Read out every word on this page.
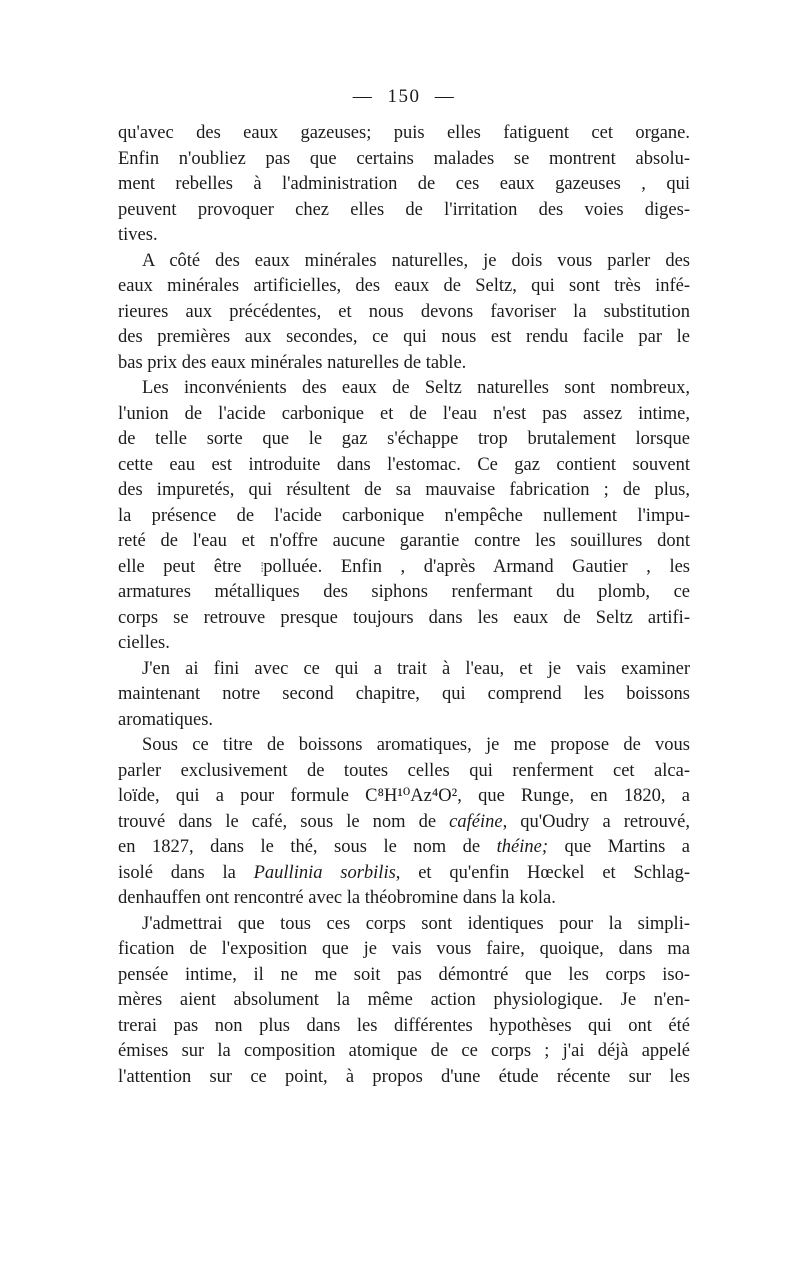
— 150 —
qu'avec des eaux gazeuses; puis elles fatiguent cet organe.
Enfin n'oubliez pas que certains malades se montrent absolu-
ment rebelles à l'administration de ces eaux gazeuses , qui
peuvent provoquer chez elles de l'irritation des voies diges-
tives.
A côté des eaux minérales naturelles, je dois vous parler des
eaux minérales artificielles, des eaux de Seltz, qui sont très infé-
rieures aux précédentes, et nous devons favoriser la substitution
des premières aux secondes, ce qui nous est rendu facile par le
bas prix des eaux minérales naturelles de table.
Les inconvénients des eaux de Seltz naturelles sont nombreux,
l'union de l'acide carbonique et de l'eau n'est pas assez intime,
de telle sorte que le gaz s'échappe trop brutalement lorsque
cette eau est introduite dans l'estomac. Ce gaz contient souvent
des impuretés, qui résultent de sa mauvaise fabrication ; de plus,
la présence de l'acide carbonique n'empêche nullement l'impu-
reté de l'eau et n'offre aucune garantie contre les souillures dont
elle peut être ⁞polluée. Enfin , d'après Armand Gautier , les
armatures métalliques des siphons renfermant du plomb, ce
corps se retrouve presque toujours dans les eaux de Seltz artifi-
cielles.
J'en ai fini avec ce qui a trait à l'eau, et je vais examiner
maintenant notre second chapitre, qui comprend les boissons
aromatiques.
Sous ce titre de boissons aromatiques, je me propose de vous
parler exclusivement de toutes celles qui renferment cet alca-
loïde, qui a pour formule C⁸H¹⁰Az⁴O², que Runge, en 1820, a
trouvé dans le café, sous le nom de caféine, qu'Oudry a retrouvé,
en 1827, dans le thé, sous le nom de théine; que Martins a
isolé dans la Paullinia sorbilis, et qu'enfin Hœckel et Schlag-
denhauffen ont rencontré avec la théobromine dans la kola.
J'admettrai que tous ces corps sont identiques pour la simpli-
fication de l'exposition que je vais vous faire, quoique, dans ma
pensée intime, il ne me soit pas démontré que les corps iso-
mères aient absolument la même action physiologique. Je n'en-
trerai pas non plus dans les différentes hypothèses qui ont été
émises sur la composition atomique de ce corps ; j'ai déjà appelé
l'attention sur ce point, à propos d'une étude récente sur les
